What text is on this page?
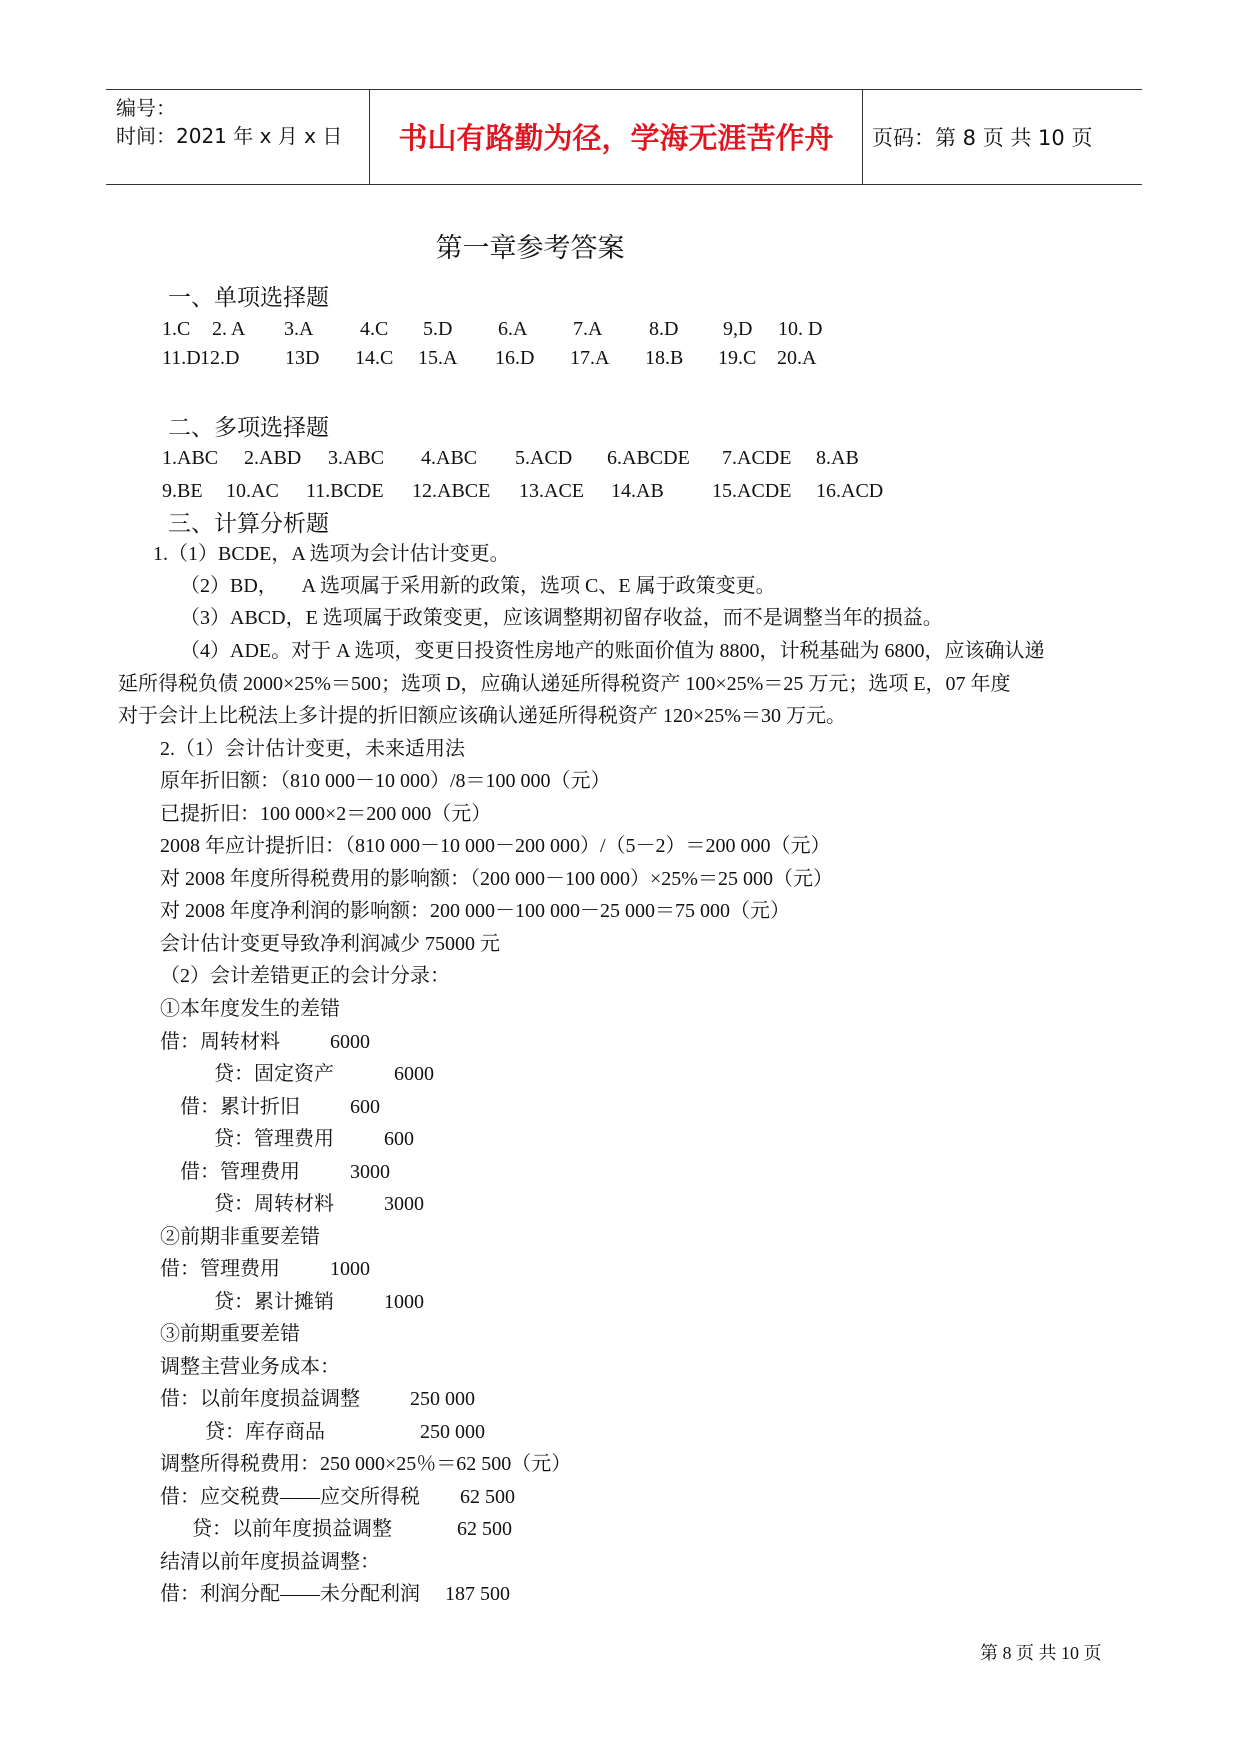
编号：
时间：2021 年 x 月 x 日	书山有路勤为径，学海无涯苦作舟	页码：第 8 页 共 10 页
第一章参考答案
一、单项选择题
1.C 2. A 3.A 4.C 5.D 6.A 7.A 8.D 9,D 10. D
11.D 12.D 13D 14.C 15.A 16.D 17.A 18.B 19.C 20.A
二、多项选择题
1.ABC 2.ABD 3.ABC 4.ABC 5.ACD 6.ABCDE 7.ACDE 8.AB
9.BE 10.AC 11.BCDE 12.ABCE 13.ACE 14.AB 15.ACDE 16.ACD
三、计算分析题
1.（1）BCDE，A 选项为会计估计变更。
（2）BD，     A 选项属于采用新的政策，选项 C、E 属于政策变更。
（3）ABCD，E 选项属于政策变更，应该调整期初留存收益，而不是调整当年的损益。
（4）ADE。对于 A 选项，变更日投资性房地产的账面价值为 8800，计税基础为 6800，应该确认递
延所得税负债 2000×25%＝500；选项 D，应确认递延所得税资产 100×25%＝25 万元；选项 E，07 年度
对于会计上比税法上多计提的折旧额应该确认递延所得税资产 120×25%＝30 万元。
2.（1）会计估计变更，未来适用法
原年折旧额：（810 000－10 000）/8＝100 000（元）
已提折旧：100 000×2＝200 000（元）
2008 年应计提折旧：（810 000－10 000－200 000）/（5－2）＝200 000（元）
对 2008 年度所得税费用的影响额：（200 000－100 000）×25%＝25 000（元）
对 2008 年度净利润的影响额：200 000－100 000－25 000＝75 000（元）
会计估计变更导致净利润减少 75000 元
（2）会计差错更正的会计分录：
①本年度发生的差错
借：周转材料          6000
贷：固定资产            6000
借：累计折旧          600
贷：管理费用          600
借：管理费用          3000
贷：周转材料          3000
②前期非重要差错
借：管理费用          1000
贷：累计摊销          1000
③前期重要差错
调整主营业务成本：
借：以前年度损益调整          250 000
贷：库存商品                   250 000
调整所得税费用：250 000×25％＝62 500（元）
借：应交税费——应交所得税        62 500
贷：以前年度损益调整             62 500
结清以前年度损益调整：
借：利润分配——未分配利润     187 500
第 8 页 共 10 页
